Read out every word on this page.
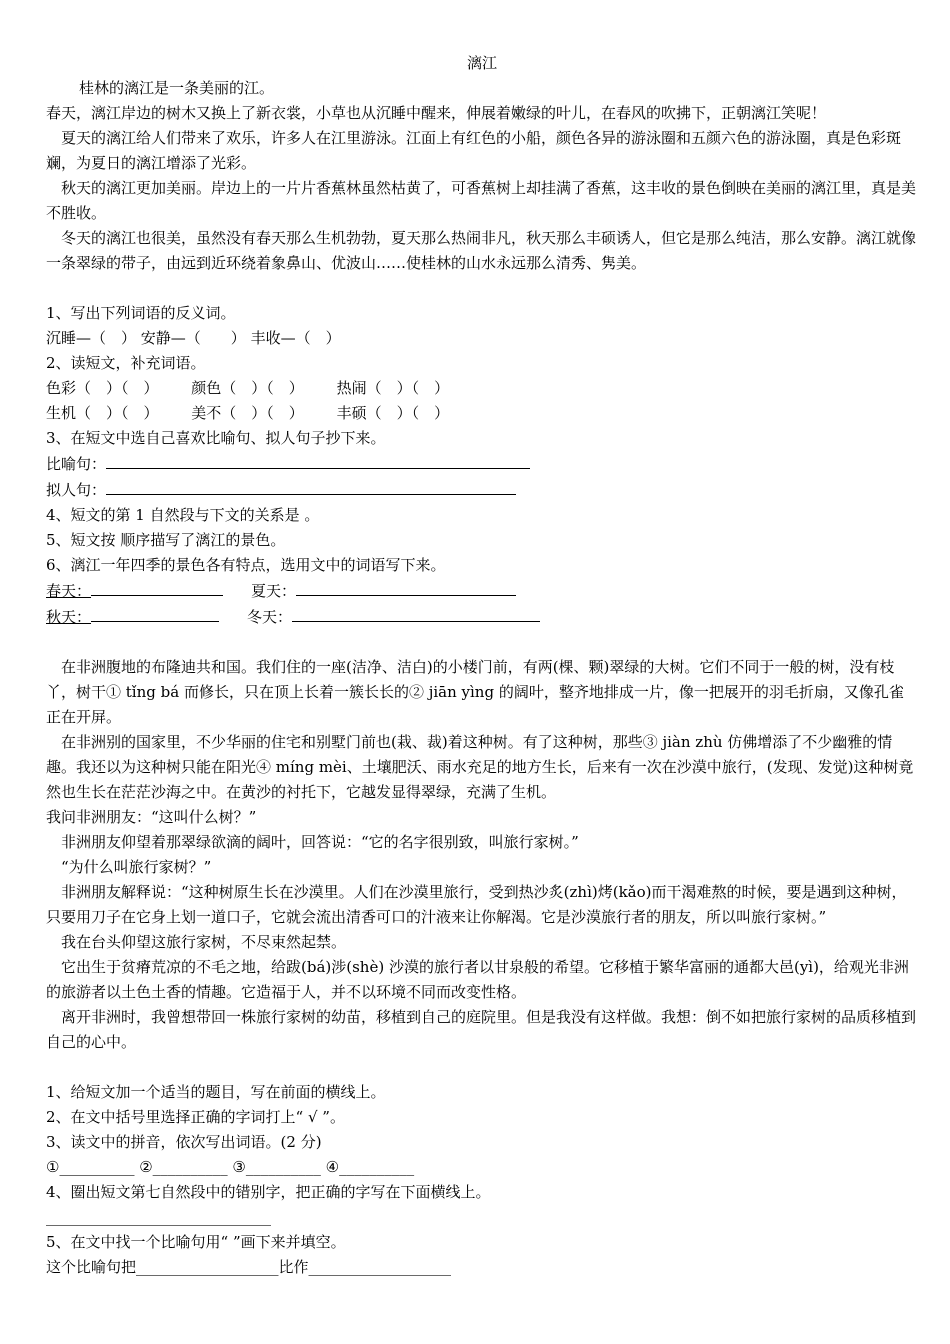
漓江
桂林的漓江是一条美丽的江。
春天，漓江岸边的树木又换上了新衣裳，小草也从沉睡中醒来，伸展着嫩绿的叶儿，在春风的吹拂下，正朝漓江笑呢！
夏天的漓江给人们带来了欢乐，许多人在江里游泳。江面上有红色的小船，颜色各异的游泳圈和五颜六色的游泳圈，真是色彩斑斓，为夏日的漓江增添了光彩。
秋天的漓江更加美丽。岸边上的一片片香蕉林虽然枯黄了，可香蕉树上却挂满了香蕉，这丰收的景色倒映在美丽的漓江里，真是美不胜收。
冬天的漓江也很美，虽然没有春天那么生机勃勃，夏天那么热闹非凡，秋天那么丰硕诱人，但它是那么纯洁，那么安静。漓江就像一条翠绿的带子，由远到近环绕着象鼻山、优波山……使桂林的山水永远那么清秀、隽美。
1、写出下列词语的反义词。
沉睡—（　） 安静—（　　） 丰收—（　）
2、读短文，补充词语。
色彩（　）（　） 颜色（　）（　） 热闹（　）（　）
生机（　）（　） 美不（　）（　） 丰硕（　）（　）
3、在短文中选自己喜欢比喻句、拟人句子抄下来。
比喻句：
拟人句：
4、短文的第 1 自然段与下文的关系是 。
5、短文按 顺序描写了漓江的景色。
6、漓江一年四季的景色各有特点，选用文中的词语写下来。
春天：	夏天：
秋天：	冬天：
在非洲腹地的布隆迪共和国。我们住的一座(洁净、洁白)的小楼门前，有两(棵、颗)翠绿的大树。它们不同于一般的树，没有枝丫，树干① tǐng bá 而修长，只在顶上长着一簇长长的② jiān yìng 的阔叶，整齐地排成一片，像一把展开的羽毛折扇，又像孔雀正在开屏。
在非洲别的国家里，不少华丽的住宅和别墅门前也(栽、裁)着这种树。有了这种树，那些③ jiàn zhù 仿佛增添了不少幽雅的情趣。我还以为这种树只能在阳光④ míng mèi、土壤肥沃、雨水充足的地方生长，后来有一次在沙漠中旅行，(发现、发觉)这种树竟然也生长在茫茫沙海之中。在黄沙的衬托下，它越发显得翠绿，充满了生机。
我问非洲朋友：“这叫什么树？”
非洲朋友仰望着那翠绿欲滴的阔叶，回答说：“它的名字很别致，叫旅行家树。”
“为什么叫旅行家树？”
非洲朋友解释说：“这种树原生长在沙漠里。人们在沙漠里旅行，受到热沙炙(zhì)烤(kǎo)而干渴难熬的时候，要是遇到这种树，只要用刀子在它身上划一道口子，它就会流出清香可口的汁液来让你解渴。它是沙漠旅行者的朋友，所以叫旅行家树。”
我在台头仰望这旅行家树，不尽束然起禁。
它出生于贫瘠荒凉的不毛之地，给跋(bá)涉(shè) 沙漠的旅行者以甘泉般的希望。它移植于繁华富丽的通都大邑(yì)，给观光非洲的旅游者以土色土香的情趣。它造福于人，并不以环境不同而改变性格。
离开非洲时，我曾想带回一株旅行家树的幼苗，移植到自己的庭院里。但是我没有这样做。我想：倒不如把旅行家树的品质移植到自己的心中。
1、给短文加一个适当的题目，写在前面的横线上。
2、在文中括号里选择正确的字词打上“ √ ”。
3、读文中的拼音，依次写出词语。(2 分)
①__________ ②__________ ③__________ ④__________
4、圈出短文第七自然段中的错别字，把正确的字写在下面横线上。
______________________________
5、在文中找一个比喻句用“ ”画下来并填空。
这个比喻句把___________________比作___________________
